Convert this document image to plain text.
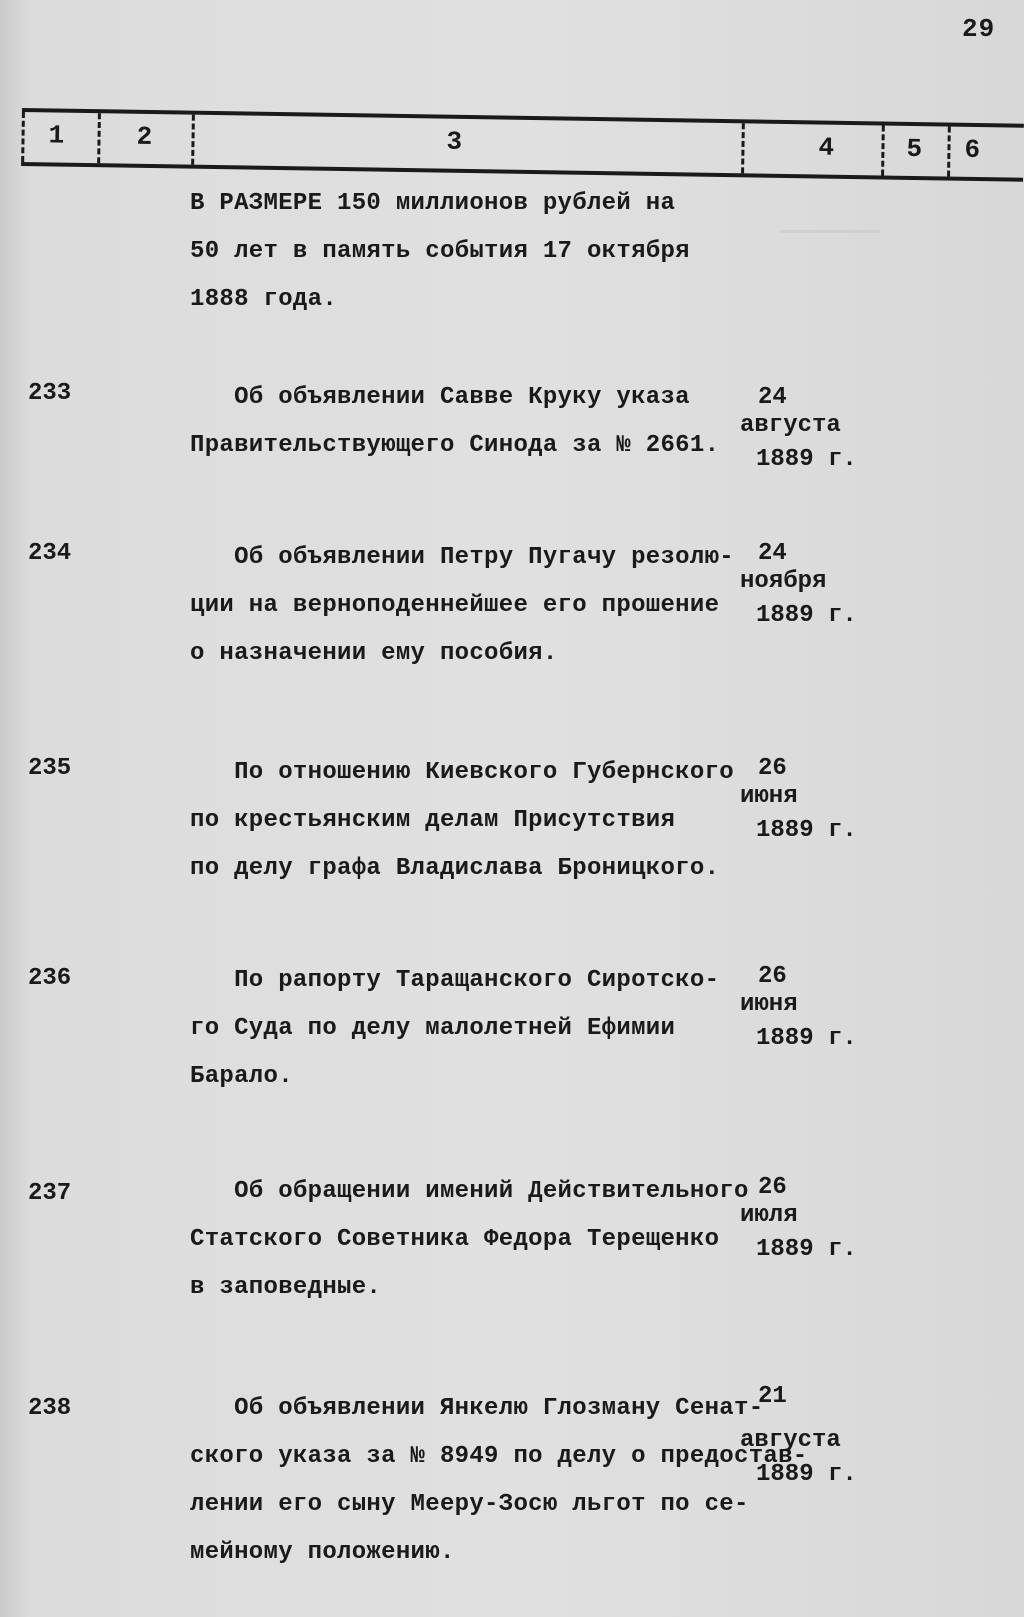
29
1	2	3	4	5 6
В РАЗМЕРЕ 150 миллионов рублей на
50 лет в память события 17 октября
1888 года.
233	Об объявлении Савве Круку указа
Правительствующего Синода за № 2661.
24
августа
1889 г.
234	Об объявлении Петру Пугачу резолю-
ции на верноподеннейшее его прошение
о назначении ему пособия.
24
ноября
1889 г.
235	По отношению Киевского Губернского
по крестьянским делам Присутствия
по делу графа Владислава Броницкого.
26
июня
1889 г.
236	По рапорту Таращанского Сиротско-
го Суда по делу малолетней Ефимии
Барало.
26
июня
1889 г.
237	Об обращении имений Действительного
Статского Советника Федора Терещенко
в заповедные.
26
июля
1889 г.
238	Об объявлении Янкелю Глозману Сенат-
ского указа за № 8949 по делу о предостав-
лении его сыну Мееру-Зосю льгот по се-
мейному положению.
21
августа
1889 г.
